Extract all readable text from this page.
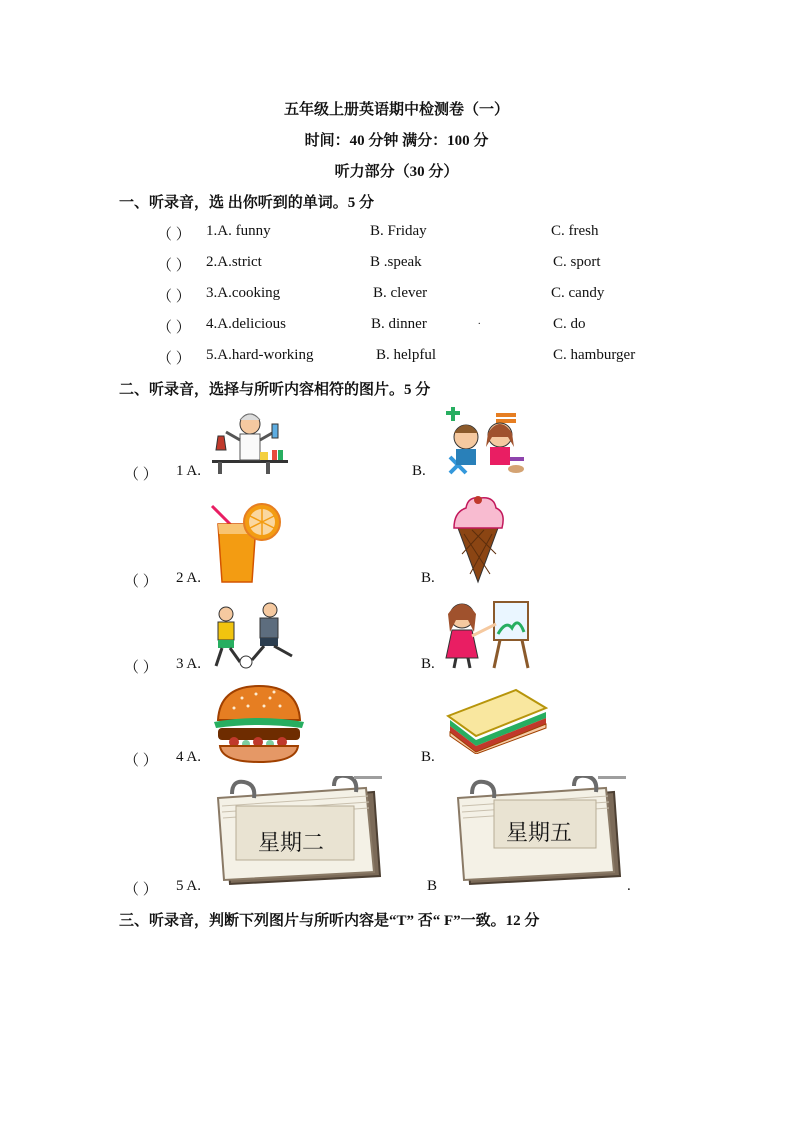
五年级上册英语期中检测卷（一）
时间：40 分钟 满分：100 分
听力部分（30 分）
一、听录音，选 出你听到的单词。5 分
（ ） 1.A. funny	B. Friday	C. fresh
（ ） 2.A.strict	B .speak	C. sport
（ ） 3.A.cooking	B. clever	C. candy
（ ） 4.A.delicious	B. dinner	.	C. do
（ ） 5.A.hard-working	B. helpful	C. hamburger
二、听录音，选择与所听内容相符的图片。5 分
（ ） 1 A.	B.
（ ） 2 A.	B.
（ ） 3 A.	B.
（ ） 4 A.	B.
（ ） 5 A.
星期二
B
星期五
.
三、听录音，判断下列图片与所听内容是“T” 否“ F”一致。12 分
